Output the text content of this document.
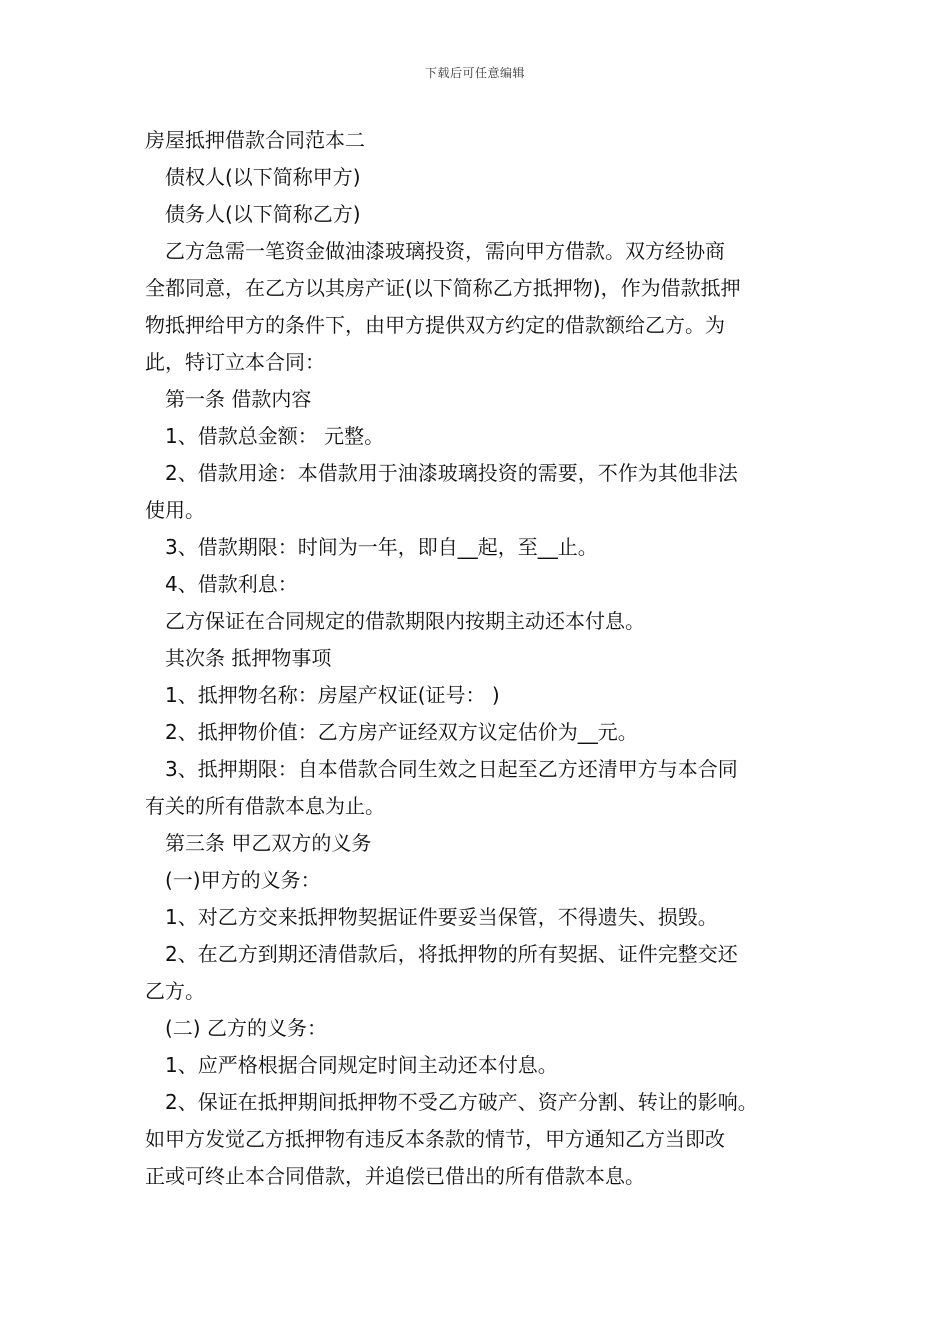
下载后可任意编辑

房屋抵押借款合同范本二

债权人(以下简称甲方)

债务人(以下简称乙方)

乙方急需一笔资金做油漆玻璃投资，需向甲方借款。双方经协商

全都同意，在乙方以其房产证(以下简称乙方抵押物)，作为借款抵押

物抵押给甲方的条件下，由甲方提供双方约定的借款额给乙方。为

此，特订立本合同：

第一条 借款内容

1、借款总金额： 元整。

2、借款用途：本借款用于油漆玻璃投资的需要，不作为其他非法

使用。

3、借款期限：时间为一年，即自__起，至__止。

4、借款利息：

乙方保证在合同规定的借款期限内按期主动还本付息。

其次条 抵押物事项

1、抵押物名称：房屋产权证(证号： )

2、抵押物价值：乙方房产证经双方议定估价为__元。

3、抵押期限：自本借款合同生效之日起至乙方还清甲方与本合同

有关的所有借款本息为止。

第三条 甲乙双方的义务

(一)甲方的义务：

1、对乙方交来抵押物契据证件要妥当保管，不得遗失、损毁。

2、在乙方到期还清借款后，将抵押物的所有契据、证件完整交还

乙方。

(二) 乙方的义务：

1、应严格根据合同规定时间主动还本付息。

2、保证在抵押期间抵押物不受乙方破产、资产分割、转让的影响。

如甲方发觉乙方抵押物有违反本条款的情节，甲方通知乙方当即改

正或可终止本合同借款，并追偿已借出的所有借款本息。
